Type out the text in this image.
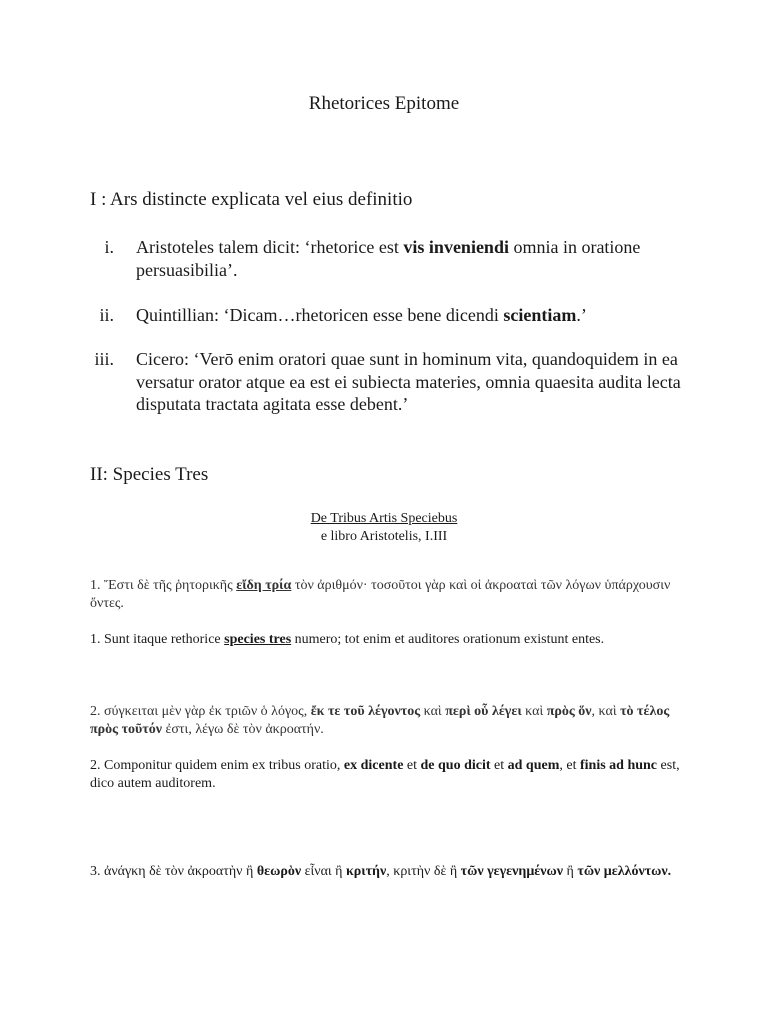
Rhetorices Epitome
I : Ars distincte explicata vel eius definitio
i. Aristoteles talem dicit: ‘rhetorice est vis inveniendi omnia in oratione persuasibilia’.
ii. Quintillian: ‘Dicam…rhetoricen esse bene dicendi scientiam.’
iii. Cicero: ‘Verō enim oratori quae sunt in hominum vita, quandoquidem in ea versatur orator atque ea est ei subiecta materies, omnia quaesita audita lecta disputata tractata agitata esse debent.’
II: Species Tres
De Tribus Artis Speciebus
e libro Aristotelis, I.III
1. Ἔστι δὲ τῆς ῥητορικῆς εἴδη τρία τὸν ἀριθμόν· τοσοῦτοι γὰρ καὶ οἱ ἀκροαταὶ τῶν λόγων ὑπάρχουσιν ὄντες.
1. Sunt itaque rethorice species tres numero; tot enim et auditores orationum existunt entes.
2. σύγκειται μὲν γὰρ ἐκ τριῶν ὁ λόγος, ἔκ τε τοῦ λέγοντος καὶ περὶ οὗ λέγει καὶ πρὸς ὅν, καὶ τὸ τέλος πρὸς τοῦτόν ἐστι, λέγω δὲ τὸν ἀκροατήν.
2. Componitur quidem enim ex tribus oratio, ex dicente et de quo dicit et ad quem, et finis ad hunc est, dico autem auditorem.
3. ἀνάγκη δὲ τὸν ἀκροατὴν ἢ θεωρὸν εἶναι ἢ κριτήν, κριτὴν δὲ ἢ τῶν γεγενημένων ἢ τῶν μελλόντων.
